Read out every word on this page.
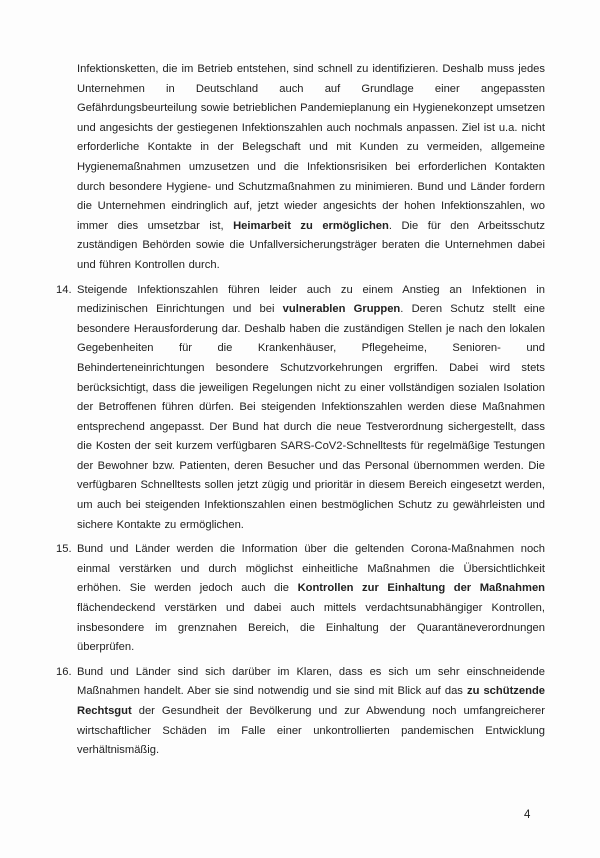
Infektionsketten, die im Betrieb entstehen, sind schnell zu identifizieren. Deshalb muss jedes Unternehmen in Deutschland auch auf Grundlage einer angepassten Gefährdungsbeurteilung sowie betrieblichen Pandemieplanung ein Hygienekonzept umsetzen und angesichts der gestiegenen Infektionszahlen auch nochmals anpassen. Ziel ist u.a. nicht erforderliche Kontakte in der Belegschaft und mit Kunden zu vermeiden, allgemeine Hygienemaßnahmen umzusetzen und die Infektionsrisiken bei erforderlichen Kontakten durch besondere Hygiene- und Schutzmaßnahmen zu minimieren. Bund und Länder fordern die Unternehmen eindringlich auf, jetzt wieder angesichts der hohen Infektionszahlen, wo immer dies umsetzbar ist, Heimarbeit zu ermöglichen. Die für den Arbeitsschutz zuständigen Behörden sowie die Unfallversicherungsträger beraten die Unternehmen dabei und führen Kontrollen durch.

14. Steigende Infektionszahlen führen leider auch zu einem Anstieg an Infektionen in medizinischen Einrichtungen und bei vulnerablen Gruppen. Deren Schutz stellt eine besondere Herausforderung dar. Deshalb haben die zuständigen Stellen je nach den lokalen Gegebenheiten für die Krankenhäuser, Pflegeheime, Senioren- und Behinderteneinrichtungen besondere Schutzvorkehrungen ergriffen. Dabei wird stets berücksichtigt, dass die jeweiligen Regelungen nicht zu einer vollständigen sozialen Isolation der Betroffenen führen dürfen. Bei steigenden Infektionszahlen werden diese Maßnahmen entsprechend angepasst. Der Bund hat durch die neue Testverordnung sichergestellt, dass die Kosten der seit kurzem verfügbaren SARS-CoV2-Schnelltests für regelmäßige Testungen der Bewohner bzw. Patienten, deren Besucher und das Personal übernommen werden. Die verfügbaren Schnelltests sollen jetzt zügig und prioritär in diesem Bereich eingesetzt werden, um auch bei steigenden Infektionszahlen einen bestmöglichen Schutz zu gewährleisten und sichere Kontakte zu ermöglichen.

15. Bund und Länder werden die Information über die geltenden Corona-Maßnahmen noch einmal verstärken und durch möglichst einheitliche Maßnahmen die Übersichtlichkeit erhöhen. Sie werden jedoch auch die Kontrollen zur Einhaltung der Maßnahmen flächendeckend verstärken und dabei auch mittels verdachtsunabhängiger Kontrollen, insbesondere im grenznahen Bereich, die Einhaltung der Quarantäneverordnungen überprüfen.

16. Bund und Länder sind sich darüber im Klaren, dass es sich um sehr einschneidende Maßnahmen handelt. Aber sie sind notwendig und sie sind mit Blick auf das zu schützende Rechtsgut der Gesundheit der Bevölkerung und zur Abwendung noch umfangreicherer wirtschaftlicher Schäden im Falle einer unkontrollierten pandemischen Entwicklung verhältnismäßig.

4
